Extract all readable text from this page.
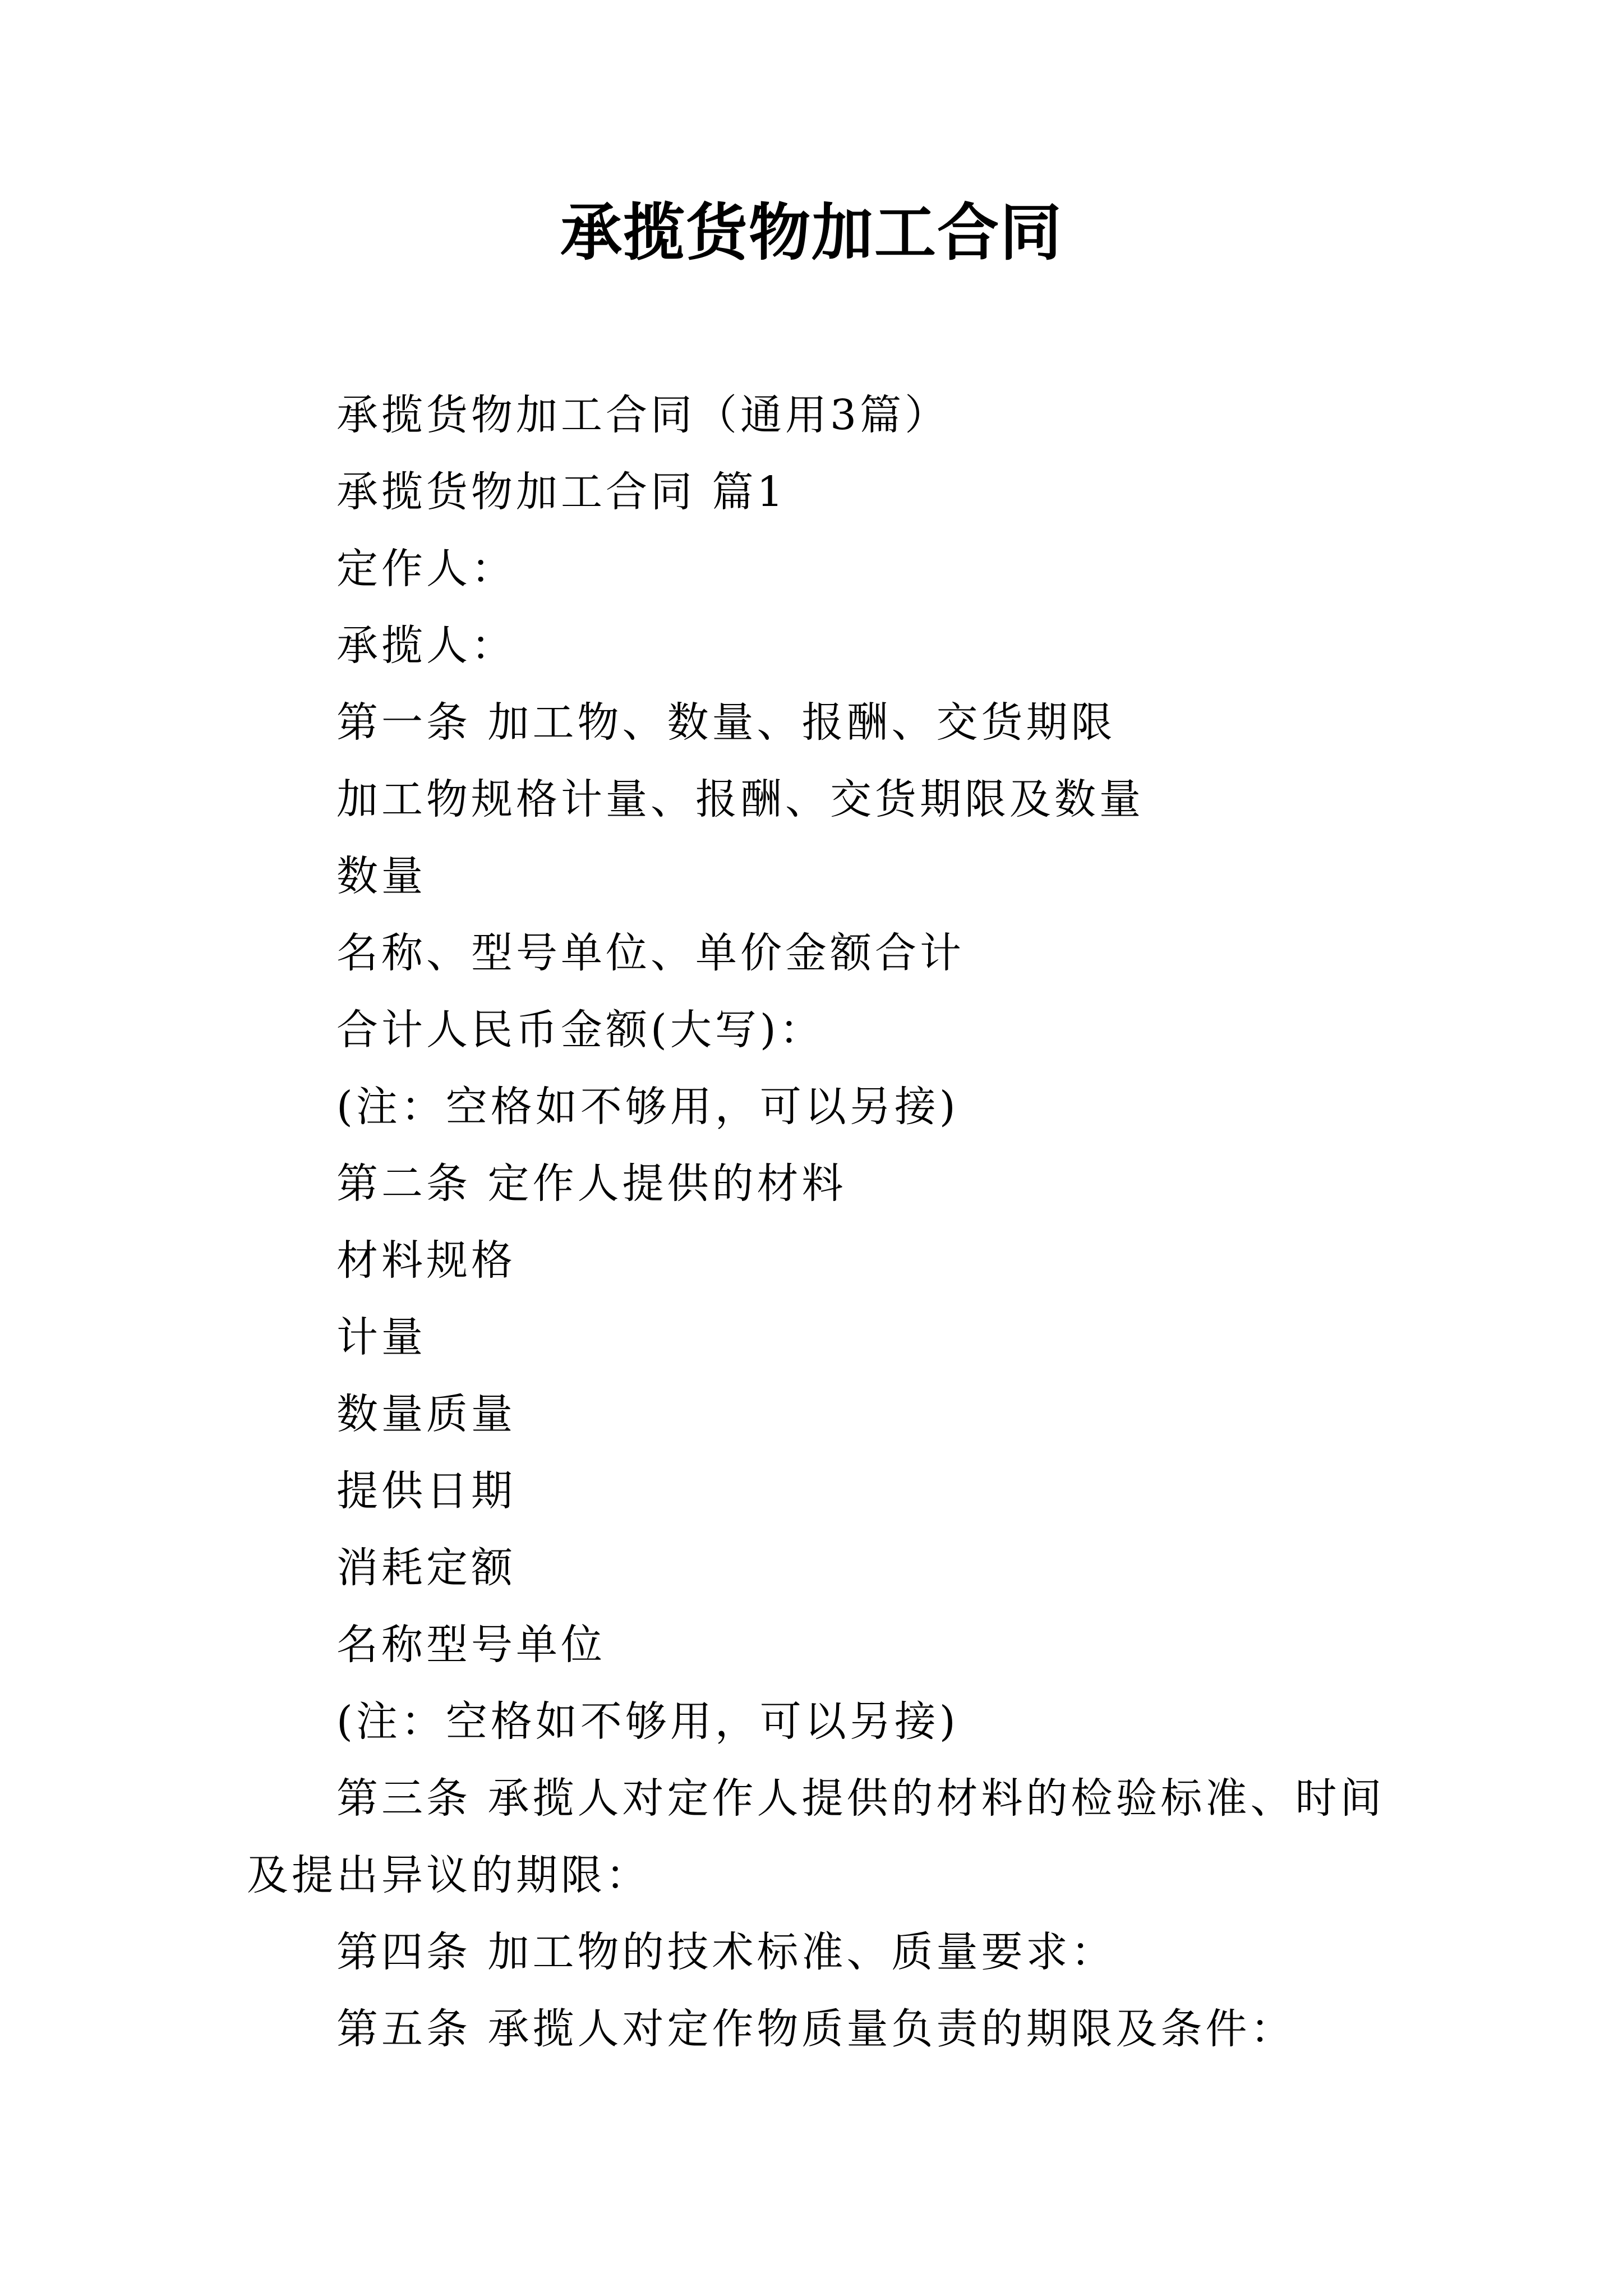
承揽货物加工合同

承揽货物加工合同（通用3篇）

承揽货物加工合同 篇1

定作人：

承揽人：

第一条 加工物、数量、报酬、交货期限

加工物规格计量、报酬、交货期限及数量

数量

名称、型号单位、单价金额合计

合计人民币金额(大写)：

(注：空格如不够用，可以另接)

第二条 定作人提供的材料

材料规格

计量

数量质量

提供日期

消耗定额

名称型号单位

(注：空格如不够用，可以另接)

第三条 承揽人对定作人提供的材料的检验标准、时间及提出异议的期限：

第四条 加工物的技术标准、质量要求：

第五条 承揽人对定作物质量负责的期限及条件：
